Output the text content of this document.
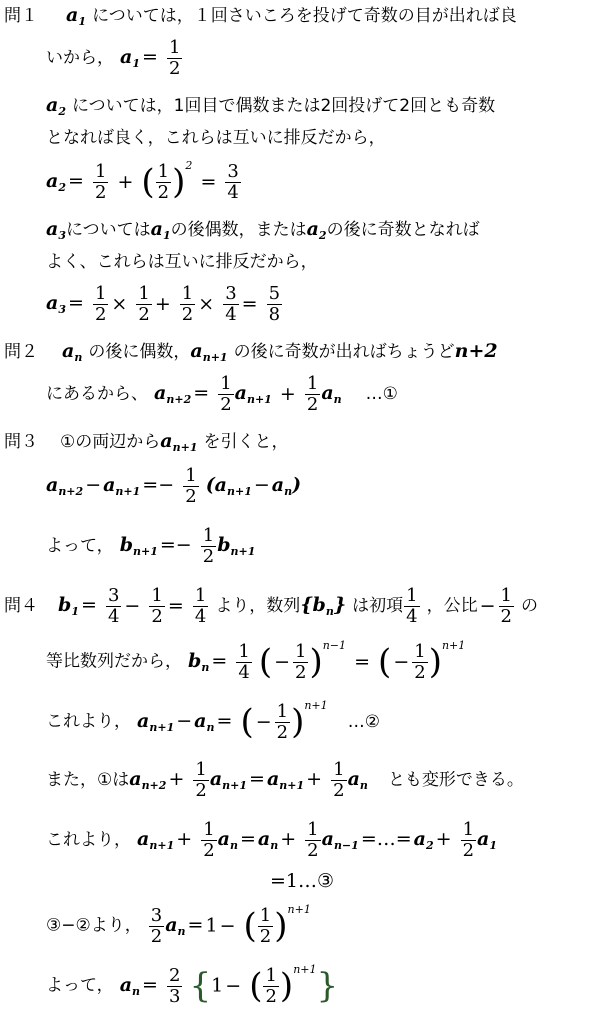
問１ $a_1$ については，１回さいころを投げて奇数の目が出れば良
いから， $a_1 = \frac{1}{2}$
$a_2$ については，1回目で偶数または2回投げて2回とも奇数
となれば良く，これらは互いに排反だから，
$a_2 = \frac{1}{2}$ + ( $\frac{1}{2} )^2 = \frac{3}{4}$
$a_3$については$a_1$の後偶数，または$a_2$の後に奇数となれば
よく、これらは互いに排反だから，
$a_3 = \frac{1}{2} \times \frac{1}{2} + \frac{1}{2} \times \frac{3}{4} = \frac{5}{8}$
問２ $a_n$ の後に偶数，$a_{n+1}$ の後に奇数が出ればちょうどn+2
にあるから、 $a_{n+2} = \frac{1}{2} a_{n+1} + \frac{1}{2} a_n$ …①
問３ ①の両辺から$a_{n+1}$ を引くと，
$a_{n+2} - a_{n+1} =- \frac{1}{2} (a_{n+1} - a_n)$
よって， $b_{n+1} =- \frac{1}{2} b_{n+1}$
問４ $b_1 = \frac{3}{4} - \frac{1}{2} = \frac{1}{4}$ より，数列$\{b_n\}$ は初項 $\frac{1}{4}$ ，公比 − $\frac{1}{2}$ の
等比数列だから， $b_n = \frac{1}{4}$ ( − $\frac{1}{2} )^{n-1}$ = ( − $\frac{1}{2} )^{n+1}$
これより， $a_{n+1} - a_n$ = ( − $\frac{1}{2} )^{n+1}$ …②
また，①は$a_{n+2} + \frac{1}{2} a_{n+1} = a_{n+1} + \frac{1}{2} a_n$ とも変形できる。
これより， $a_{n+1} + \frac{1}{2} a_n = a_n + \frac{1}{2} a_{n-1}$ =…= $a_2 + \frac{1}{2} a_1$
=1…③
③−②より， $\frac{3}{2} a_n = 1$ − ( $\frac{1}{2} )^{n+1}$
よって， $a_n = \frac{2}{3} \{1$ − ( $\frac{1}{2} )^{n+1}$}
